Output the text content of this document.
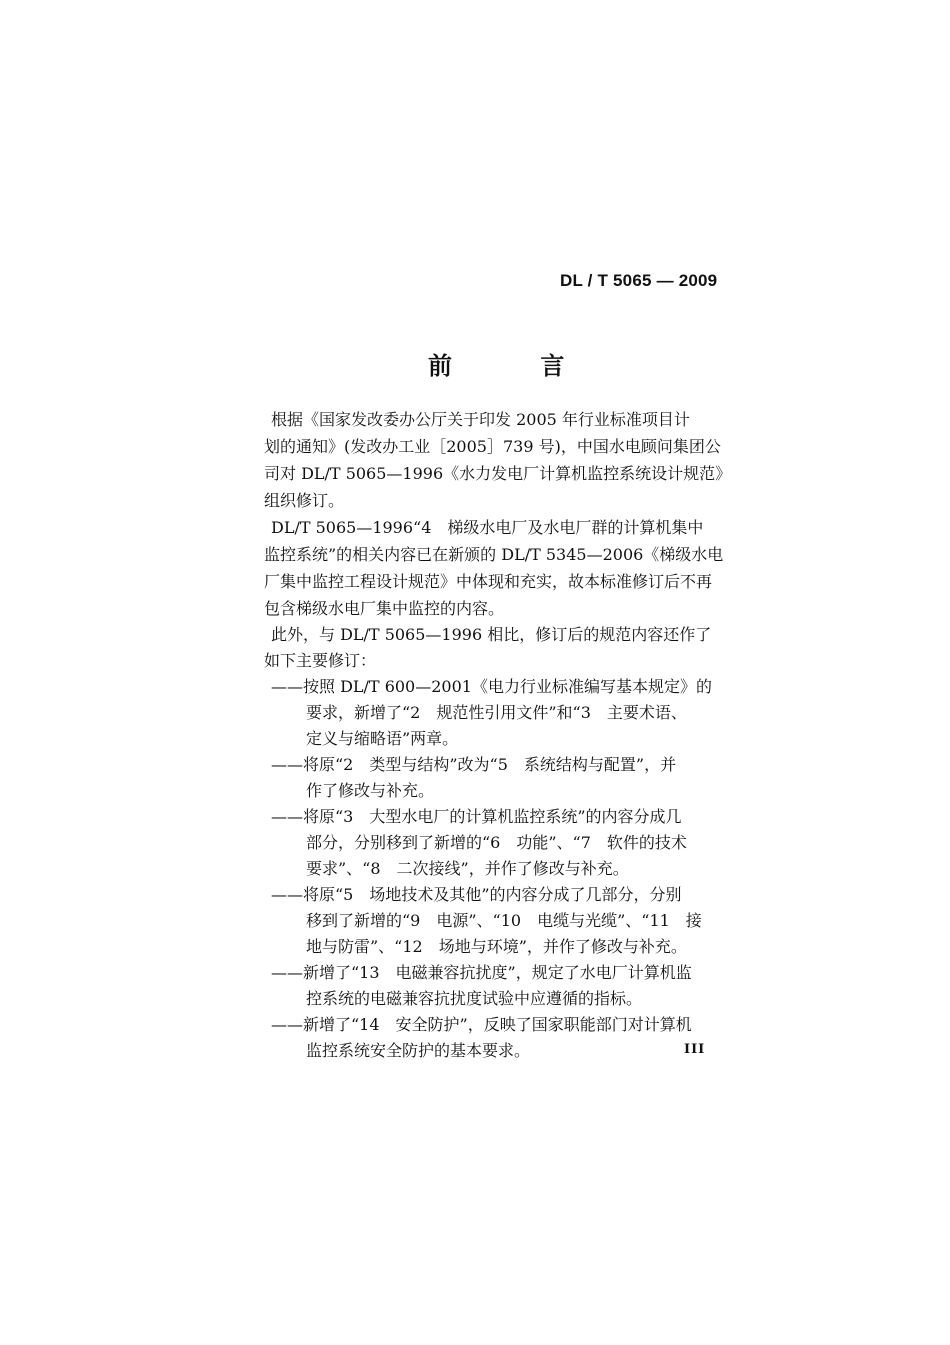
DL / T 5065 — 2009
前 言
根据《国家发改委办公厅关于印发 2005 年行业标准项目计
划的通知》(发改办工业［2005］739 号)，中国水电顾问集团公
司对 DL/T 5065—1996《水力发电厂计算机监控系统设计规范》
组织修订。
DL/T 5065—1996“4　梯级水电厂及水电厂群的计算机集中
监控系统”的相关内容已在新颁的 DL/T 5345—2006《梯级水电
厂集中监控工程设计规范》中体现和充实，故本标准修订后不再
包含梯级水电厂集中监控的内容。
此外，与 DL/T 5065—1996 相比，修订后的规范内容还作了
如下主要修订：
——按照 DL/T 600—2001《电力行业标准编写基本规定》的
要求，新增了“2　规范性引用文件”和“3　主要术语、
定义与缩略语”两章。
——将原“2　类型与结构”改为“5　系统结构与配置”，并
作了修改与补充。
——将原“3　大型水电厂的计算机监控系统”的内容分成几
部分，分别移到了新增的“6　功能”、“7　软件的技术
要求”、“8　二次接线”，并作了修改与补充。
——将原“5　场地技术及其他”的内容分成了几部分，分别
移到了新增的“9　电源”、“10　电缆与光缆”、“11　接
地与防雷”、“12　场地与环境”，并作了修改与补充。
——新增了“13　电磁兼容抗扰度”，规定了水电厂计算机监
控系统的电磁兼容抗扰度试验中应遵循的指标。
——新增了“14　安全防护”，反映了国家职能部门对计算机
监控系统安全防护的基本要求。	III
